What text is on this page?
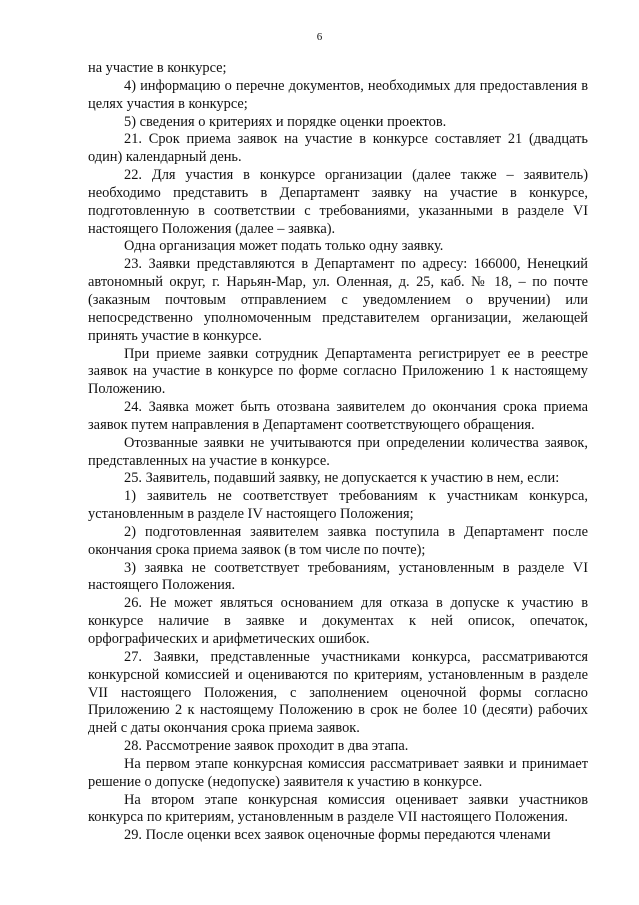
6

на участие в конкурсе;

4) информацию о перечне документов, необходимых для предоставления в целях участия в конкурсе;

5) сведения о критериях и порядке оценки проектов.

21. Срок приема заявок на участие в конкурсе составляет 21 (двадцать один) календарный день.

22. Для участия в конкурсе организации (далее также – заявитель) необходимо представить в Департамент заявку на участие в конкурсе, подготовленную в соответствии с требованиями, указанными в разделе VI настоящего Положения (далее – заявка).

Одна организация может подать только одну заявку.

23. Заявки представляются в Департамент по адресу: 166000, Ненецкий автономный округ, г. Нарьян-Мар, ул. Оленная, д. 25, каб. № 18, – по почте (заказным почтовым отправлением с уведомлением о вручении) или непосредственно уполномоченным представителем организации, желающей принять участие в конкурсе.

При приеме заявки сотрудник Департамента регистрирует ее в реестре заявок на участие в конкурсе по форме согласно Приложению 1 к настоящему Положению.

24. Заявка может быть отозвана заявителем до окончания срока приема заявок путем направления в Департамент соответствующего обращения.

Отозванные заявки не учитываются при определении количества заявок, представленных на участие в конкурсе.

25. Заявитель, подавший заявку, не допускается к участию в нем, если:

1) заявитель не соответствует требованиям к участникам конкурса, установленным в разделе IV настоящего Положения;

2) подготовленная заявителем заявка поступила в Департамент после окончания срока приема заявок (в том числе по почте);

3) заявка не соответствует требованиям, установленным в разделе VI настоящего Положения.

26. Не может являться основанием для отказа в допуске к участию в конкурсе наличие в заявке и документах к ней описок, опечаток, орфографических и арифметических ошибок.

27. Заявки, представленные участниками конкурса, рассматриваются конкурсной комиссией и оцениваются по критериям, установленным в разделе VII настоящего Положения, с заполнением оценочной формы согласно Приложению 2 к настоящему Положению в срок не более 10 (десяти) рабочих дней с даты окончания срока приема заявок.

28. Рассмотрение заявок проходит в два этапа.

На первом этапе конкурсная комиссия рассматривает заявки и принимает решение о допуске (недопуске) заявителя к участию в конкурсе.

На втором этапе конкурсная комиссия оценивает заявки участников конкурса по критериям, установленным в разделе VII настоящего Положения.

29. После оценки всех заявок оценочные формы передаются членами
